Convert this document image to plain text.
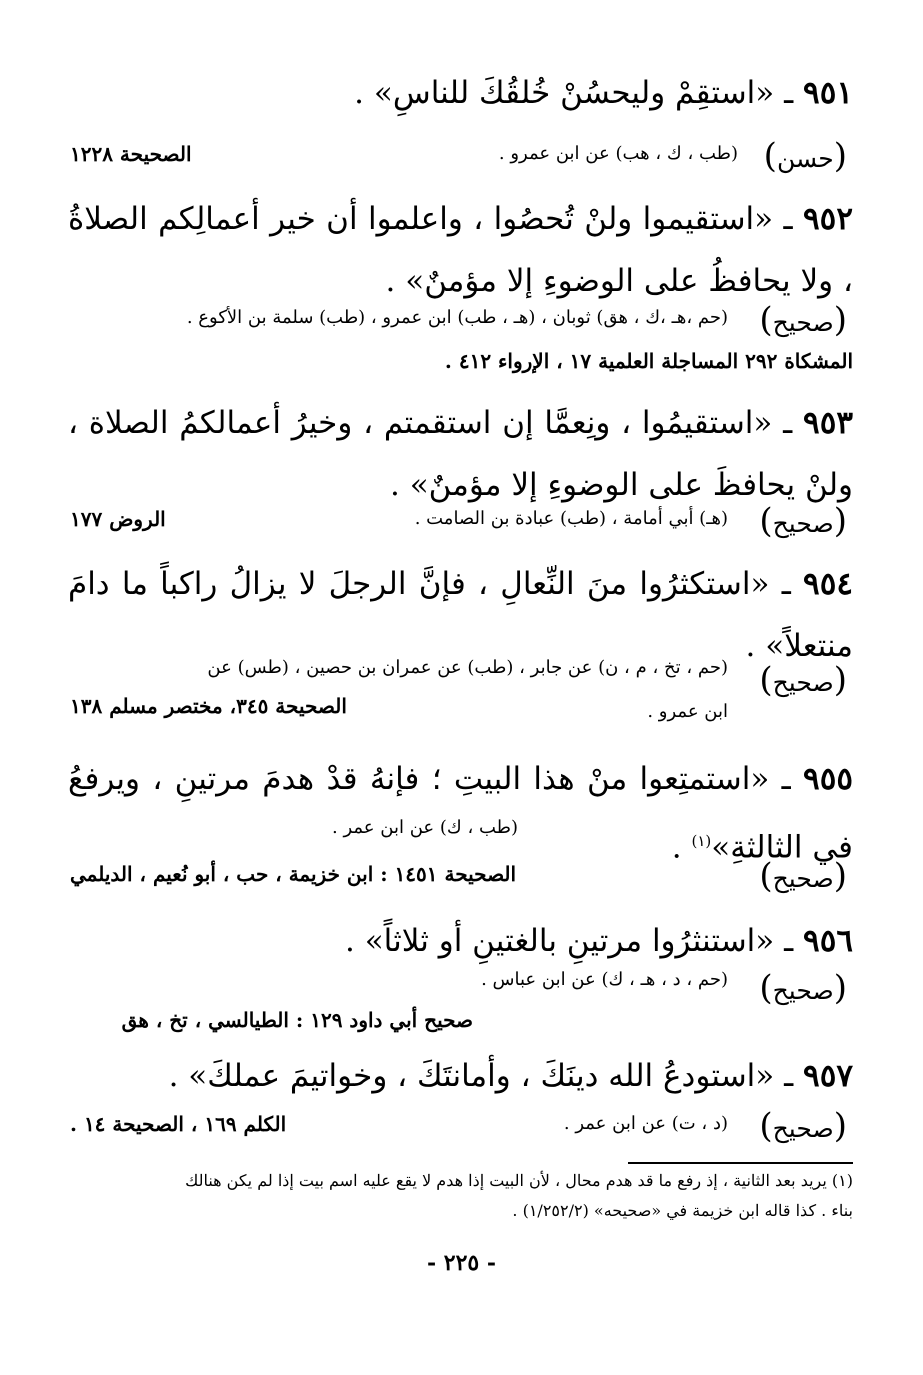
٩٥١ ـ «استقِمْ وليحسُنْ خُلقُكَ للناسِ» .
(حسن)
(طب ، ك ، هب) عن ابن عمرو .
الصحيحة ١٢٢٨
٩٥٢ ـ «استقيموا ولنْ تُحصُوا ، واعلموا أن خير أعمالِكم الصلاةُ ، ولا يحافظُ على الوضوءِ إلا مؤمنٌ» .
(صحيح)
(حم ،هـ ،ك ، هق) ثوبان ، (هـ ، طب) ابن عمرو ، (طب) سلمة بن الأكوع .
المشكاة ٢٩٢ المساجلة العلمية ١٧ ، الإرواء ٤١٢ .
٩٥٣ ـ «استقيمُوا ، ونِعمَّا إن استقمتم ، وخيرُ أعمالكمُ الصلاة ، ولنْ يحافظَ على الوضوءِ إلا مؤمنٌ» .
(صحيح)
(هـ) أبي أمامة ، (طب) عبادة بن الصامت .
الروض ١٧٧
٩٥٤ ـ «استكثرُوا منَ النِّعالِ ، فإنَّ الرجلَ لا يزالُ راكباً ما دامَ منتعلاً» .
(صحيح)
(حم ، تخ ، م ، ن) عن جابر ، (طب) عن عمران بن حصين ، (طس) عن
ابن عمرو .
الصحيحة ٣٤٥، مختصر مسلم ١٣٨
٩٥٥ ـ «استمتِعوا منْ هذا البيتِ ؛ فإنهُ قدْ هدمَ مرتينِ ، ويرفعُ في الثالثةِ»$^{(١)}$ .
(طب ، ك) عن ابن عمر .
(صحيح)
الصحيحة ١٤٥١ : ابن خزيمة ، حب ، أبو نُعيم ، الديلمي
٩٥٦ ـ «استنثرُوا مرتينِ بالغتينِ أو ثلاثاً» .
(صحيح)
(حم ، د ، هـ ، ك) عن ابن عباس .
صحيح أبي داود ١٢٩ : الطيالسي ، تخ ، هق
٩٥٧ ـ «استودعُ الله دينَكَ ، وأمانتَكَ ، وخواتيمَ عملكَ» .
(صحيح)
(د ، ت) عن ابن عمر .
الكلم ١٦٩ ، الصحيحة ١٤ .
(١) يريد بعد الثانية ، إذ رفع ما قد هدم محال ، لأن البيت إذا هدم لا يقع عليه اسم بيت إذا لم يكن هنالك
بناء . كذا قاله ابن خزيمة في «صحيحه» (١/٢٥٢/٢) .
- ٢٢٥ -
